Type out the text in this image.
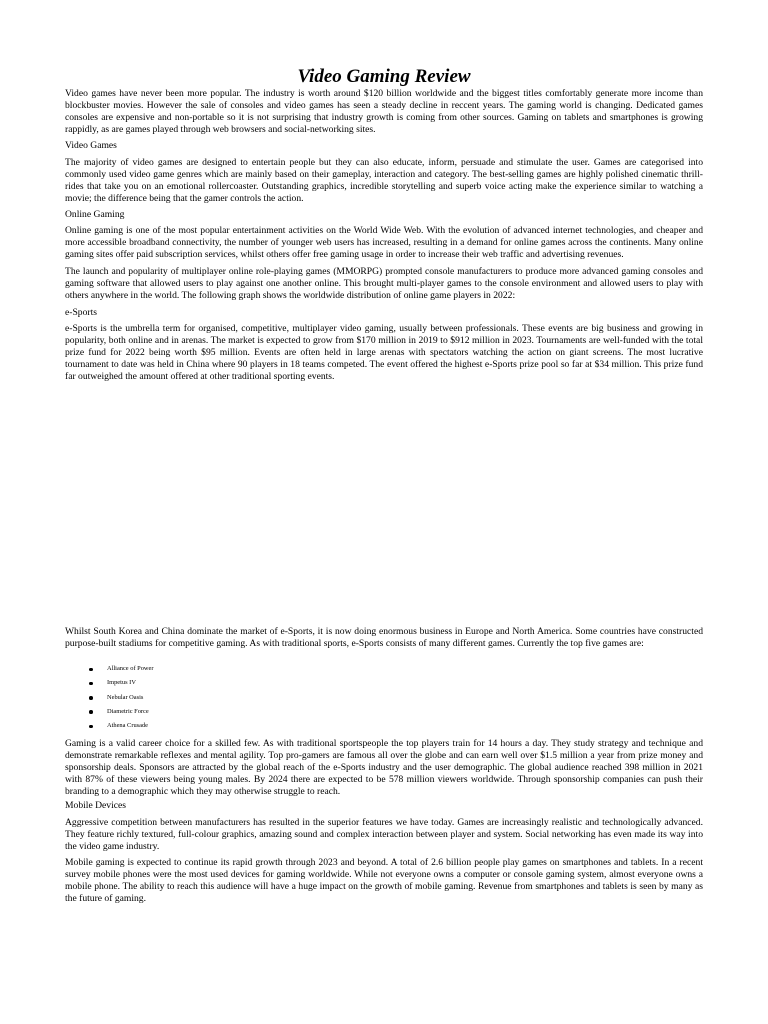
Video Gaming Review

Video games have never been more popular. The industry is worth around $120 billion worldwide and the biggest titles comfortably generate more income than blockbuster movies. However the sale of consoles and video games has seen a steady decline in reccent years. The gaming world is changing. Dedicated games consoles are expensive and non-portable so it is not surprising that industry growth is coming from other sources. Gaming on tablets and smartphones is growing rappidly, as are games played through web browsers and social-networking sites.

Video Games

The majority of video games are designed to entertain people but they can also educate, inform, persuade and stimulate the user. Games are categorised into commonly used video game genres which are mainly based on their gameplay, interaction and category. The best-selling games are highly polished cinematic thrill-rides that take you on an emotional rollercoaster. Outstanding graphics, incredible storytelling and superb voice acting make the experience similar to watching a movie; the difference being that the gamer controls the action.

Online Gaming

Online gaming is one of the most popular entertainment activities on the World Wide Web. With the evolution of advanced internet technologies, and cheaper and more accessible broadband connectivity, the number of younger web users has increased, resulting in a demand for online games across the continents. Many online gaming sites offer paid subscription services, whilst others offer free gaming usage in order to increase their web traffic and advertising revenues.

The launch and popularity of multiplayer online role-playing games (MMORPG) prompted console manufacturers to produce more advanced gaming consoles and gaming software that allowed users to play against one another online. This brought multi-player games to the console environment and allowed users to play with others anywhere in the world. The following graph shows the worldwide distribution of online game players in 2022:

e-Sports

e-Sports is the umbrella term for organised, competitive, multiplayer video gaming, usually between professionals. These events are big business and growing in popularity, both online and in arenas. The market is expected to grow from $170 million in 2019 to $912 million in 2023. Tournaments are well-funded with the total prize fund for 2022 being worth $95 million. Events are often held in large arenas with spectators watching the action on giant screens. The most lucrative tournament to date was held in China where 90 players in 18 teams competed. The event offered the highest e-Sports prize pool so far at $34 million. This prize fund far outweighed the amount offered at other traditional sporting events.

Whilst South Korea and China dominate the market of e-Sports, it is now doing enormous business in Europe and North America. Some countries have constructed purpose-built stadiums for competitive gaming. As with traditional sports, e-Sports consists of many different games. Currently the top five games are:

Alliance of Power
Impetus IV
Nebular Oasis
Diametric Force
Athena Crusade

Gaming is a valid career choice for a skilled few. As with traditional sportspeople the top players train for 14 hours a day. They study strategy and technique and demonstrate remarkable reflexes and mental agility. Top pro-gamers are famous all over the globe and can earn well over $1.5 million a year from prize money and sponsorship deals. Sponsors are attracted by the global reach of the e-Sports industry and the user demographic. The global audience reached 398 million in 2021 with 87% of these viewers being young males. By 2024 there are expected to be 578 million viewers worldwide. Through sponsorship companies can push their branding to a demographic which they may otherwise struggle to reach.

Mobile Devices

Aggressive competition between manufacturers has resulted in the superior features we have today. Games are increasingly realistic and technologically advanced. They feature richly textured, full-colour graphics, amazing sound and complex interaction between player and system. Social networking has even made its way into the video game industry.

Mobile gaming is expected to continue its rapid growth through 2023 and beyond. A total of 2.6 billion people play games on smartphones and tablets. In a recent survey mobile phones were the most used devices for gaming worldwide. While not everyone owns a computer or console gaming system, almost everyone owns a mobile phone. The ability to reach this audience will have a huge impact on the growth of mobile gaming. Revenue from smartphones and tablets is seen by many as the future of gaming.
